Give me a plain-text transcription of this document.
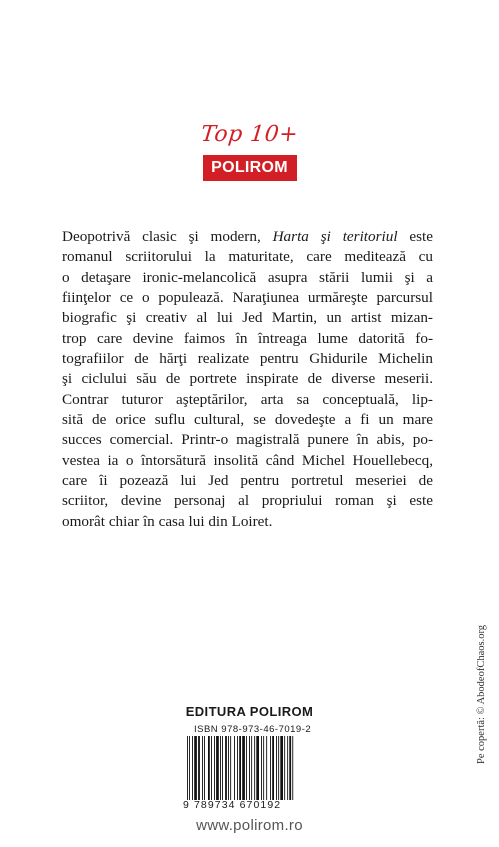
Top 10+
POLIROM
Deopotrivă clasic şi modern, Harta şi teritoriul este
romanul scriitorului la maturitate, care meditează cu
o detaşare ironic-melancolică asupra stării lumii şi a
fiinţelor ce o populează. Naraţiunea urmăreşte parcursul
biografic şi creativ al lui Jed Martin, un artist mizan-
trop care devine faimos în întreaga lume datorită fo-
tografiilor de hărţi realizate pentru Ghidurile Michelin
şi ciclului său de portrete inspirate de diverse meserii.
Contrar tuturor aşteptărilor, arta sa conceptuală, lip-
sită de orice suflu cultural, se dovedeşte a fi un mare
succes comercial. Printr-o magistrală punere în abis, po-
vestea ia o întorsătură insolită când Michel Houellebecq,
care îi pozează lui Jed pentru portretul meseriei de
scriitor, devine personaj al propriului roman şi este
omorât chiar în casa lui din Loiret.
Pe copertă: © AbodeofChaos.org
EDITURA POLIROM
ISBN 978-973-46-7019-2
9 789734 670192
www.polirom.ro
